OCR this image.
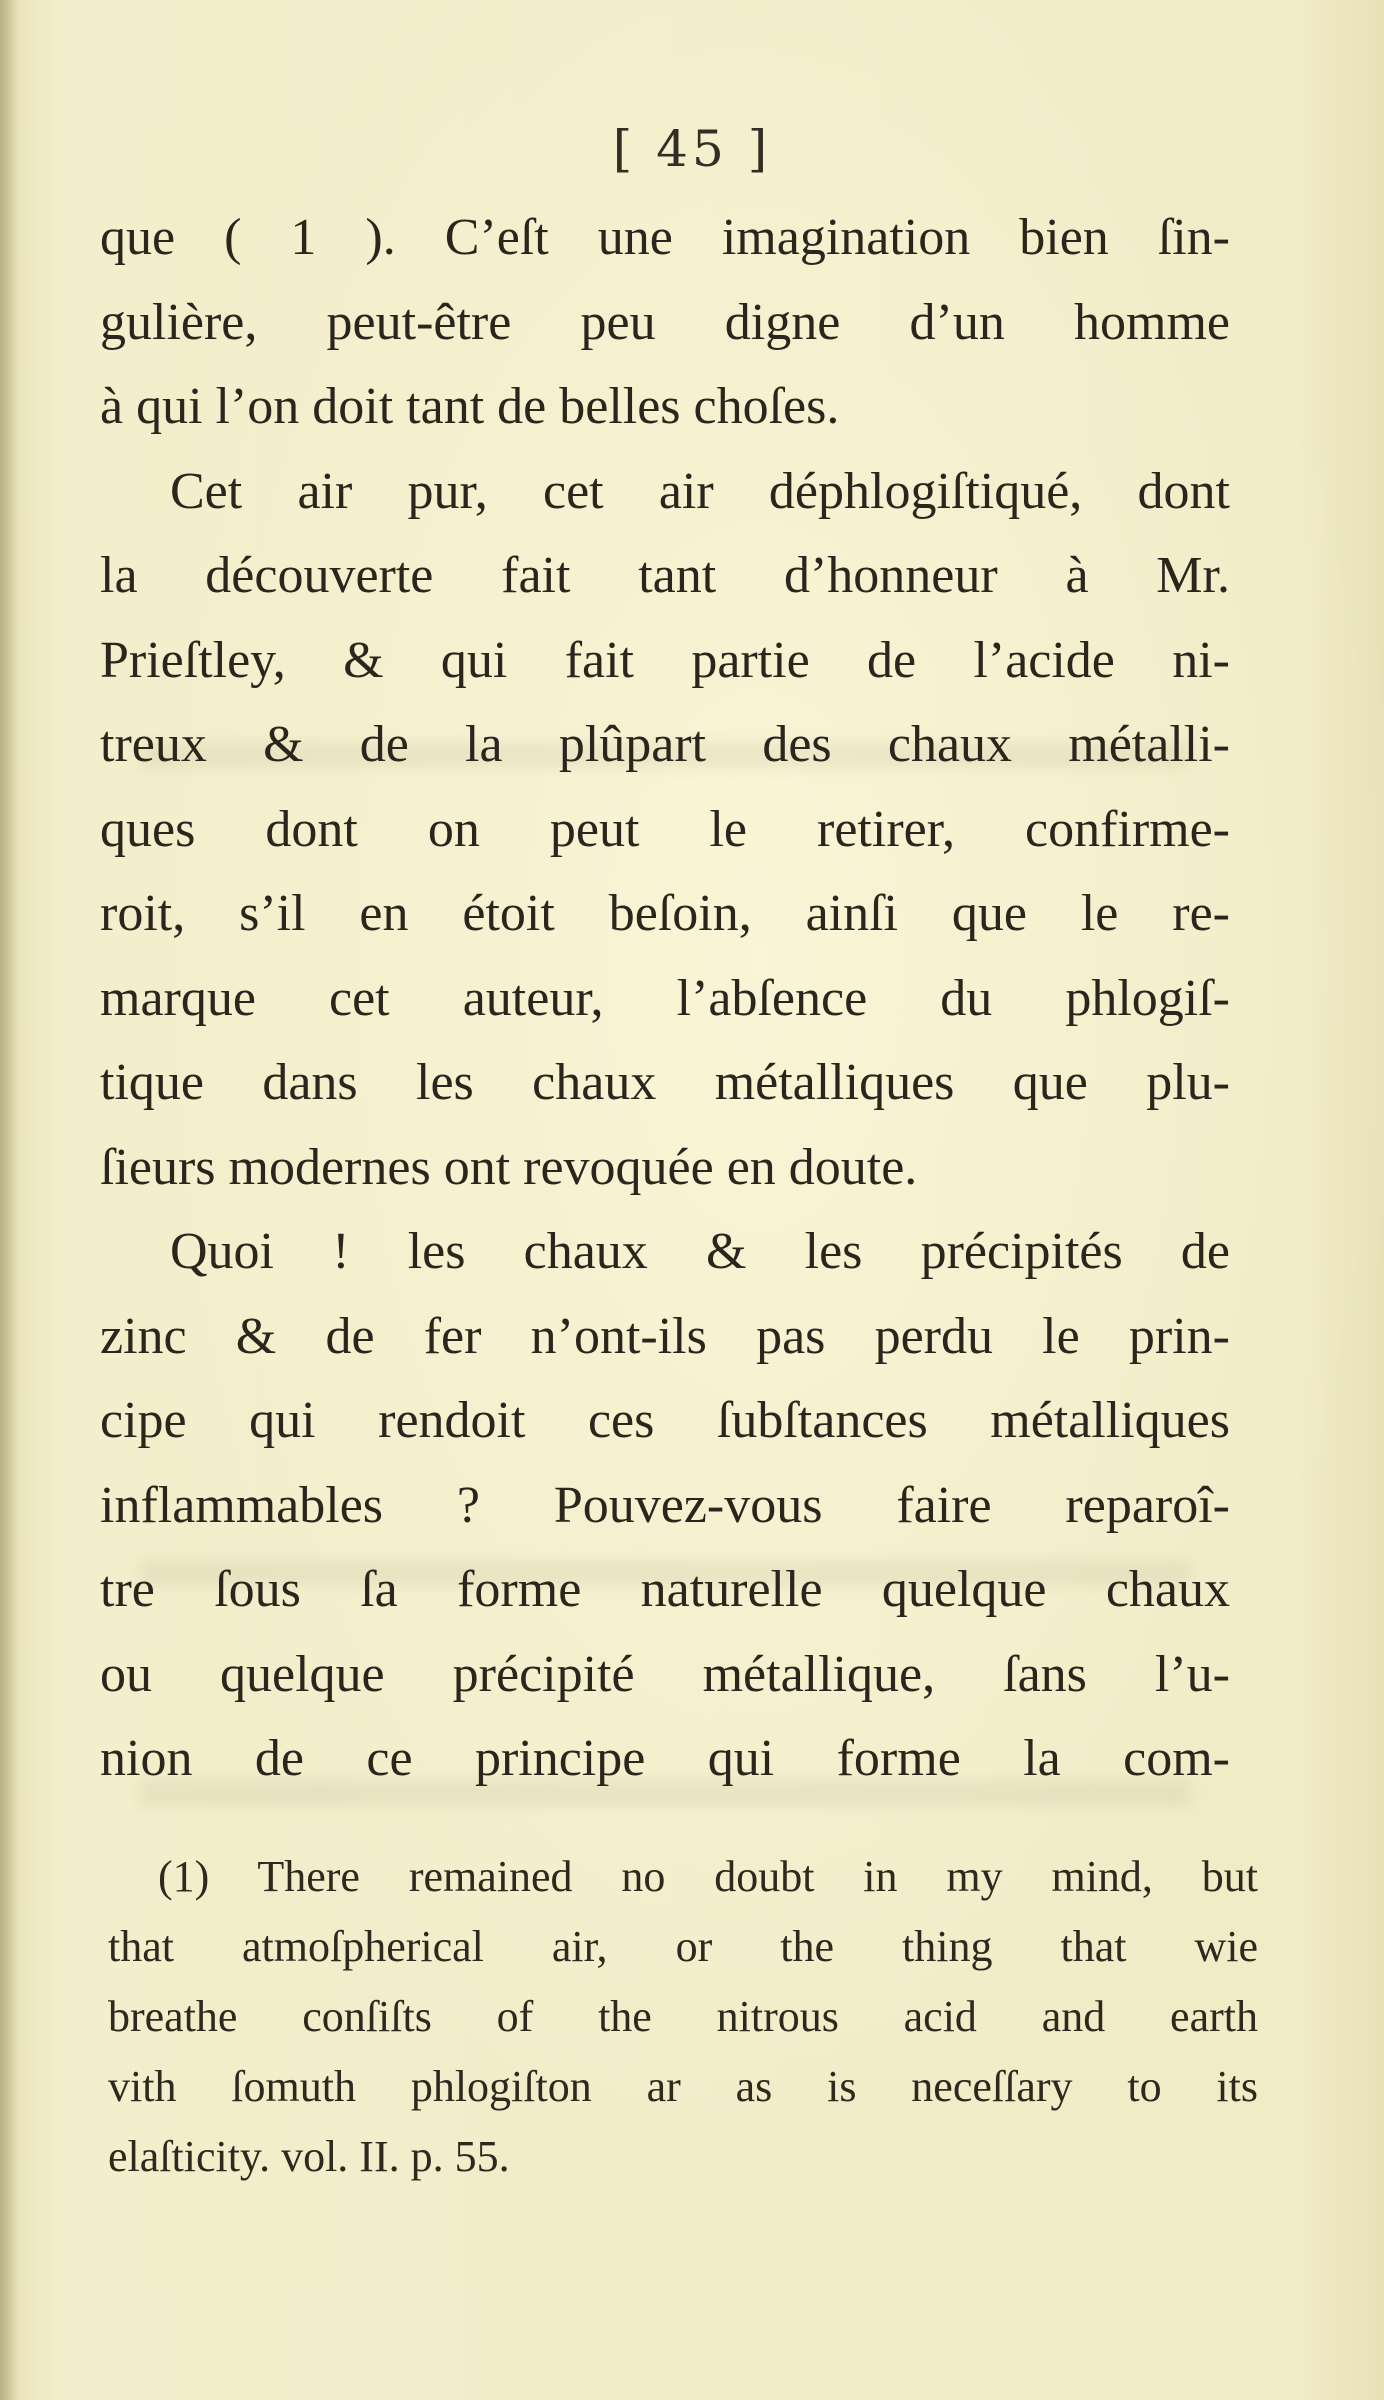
[ 45 ]
que ( 1 ). C’eſt une imagination bien ſin-
gulière, peut-être peu digne d’un homme
à qui l’on doit tant de belles choſes.
Cet air pur, cet air déphlogiſtiqué, dont
la découverte fait tant d’honneur à Mr.
Prieſtley, & qui fait partie de l’acide ni-
treux & de la plûpart des chaux métalli-
ques dont on peut le retirer, confirme-
roit, s’il en étoit beſoin, ainſi que le re-
marque cet auteur, l’abſence du phlogiſ-
tique dans les chaux métalliques que plu-
ſieurs modernes ont revoquée en doute.
Quoi ! les chaux & les précipités de
zinc & de fer n’ont-ils pas perdu le prin-
cipe qui rendoit ces ſubſtances métalliques
inflammables ? Pouvez-vous faire reparoî-
tre ſous ſa forme naturelle quelque chaux
ou quelque précipité métallique, ſans l’u-
nion de ce principe qui forme la com-
(1) There remained no doubt in my mind, but
that atmoſpherical air, or the thing that wie
breathe conſiſts of the nitrous acid and earth
vith ſomuth phlogiſton ar as is neceſſary to its
elaſticity. vol. II. p. 55.
